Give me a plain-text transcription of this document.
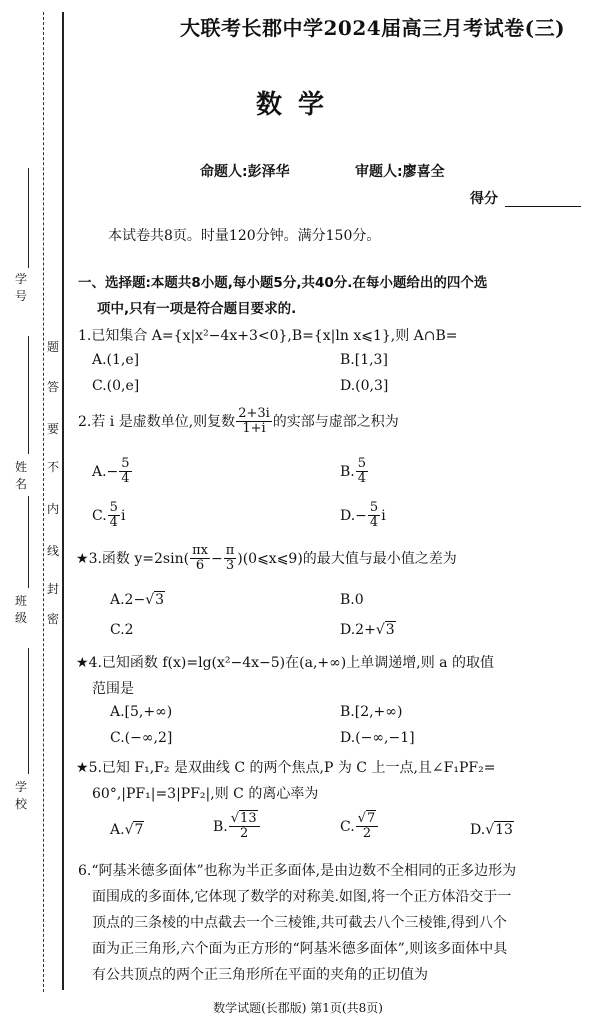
学号
姓名
班级
学校
密
封
线
内
不
要
答
题
大联考长郡中学2024届高三月考试卷(三)
数学
命题人:彭泽华	审题人:廖喜全
得分
本试卷共8页。时量120分钟。满分150分。
一、选择题:本题共8小题,每小题5分,共40分.在每小题给出的四个选
项中,只有一项是符合题目要求的.
1.已知集合 A={x|x²−4x+3<0},B={x|ln x⩽1},则 A∩B=
A.(1,e]	B.[1,3]
C.(0,e]	D.(0,3]
2.若 i 是虚数单位,则复数 $\frac{2+3i}{1+i}$ 的实部与虚部之积为
$A.- \frac{5}{4}$	B. $\frac{5}{4}$
C. $\frac{5}{4}$ i	$D.- \frac{5}{4}$ i
★3.函数 $y=2\sin( \frac{\pi x}{6} - \frac{\pi}{3}$ )(0⩽x⩽9)的最大值与最小值之差为
A.2−√3	B.0
C.2	D.2+√3
★4.已知函数 f(x)=lg(x²−4x−5)在(a,+∞)上单调递增,则 a 的取值
范围是
A.[5,+∞)	B.[2,+∞)
C.(−∞,2]	D.(−∞,−1]
★5.已知 F₁,F₂ 是双曲线 C 的两个焦点,P 为 C 上一点,且∠F₁PF₂=
60°,|PF₁|=3|PF₂|,则 C 的离心率为
A.√7	B. $\frac{√13}{2}$	C. $\frac{√7}{2}$	D.√13
6.“阿基米德多面体”也称为半正多面体,是由边数不全相同的正多边形为
面围成的多面体,它体现了数学的对称美.如图,将一个正方体沿交于一
顶点的三条棱的中点截去一个三棱锥,共可截去八个三棱锥,得到八个
面为正三角形,六个面为正方形的“阿基米德多面体”,则该多面体中具
有公共顶点的两个正三角形所在平面的夹角的正切值为
数学试题(长郡版) 第1页(共8页)
